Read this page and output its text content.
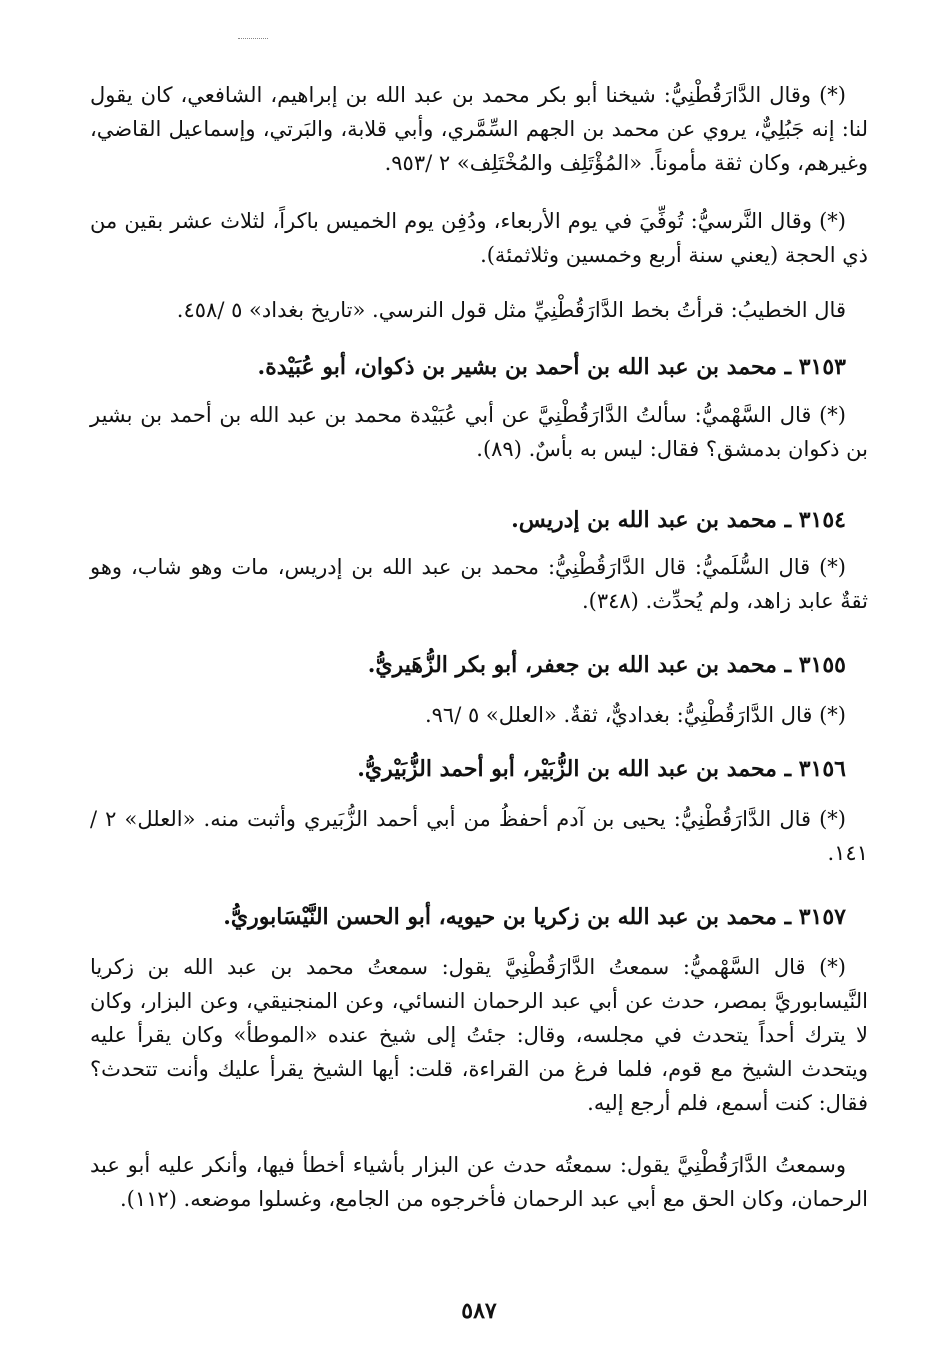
(*) وقال الدَّارَقُطْنِيُّ: شيخنا أبو بكر محمد بن عبد الله بن إبراهيم، الشافعي، كان يقول لنا: إنه جَبُلِيٌّ، يروي عن محمد بن الجهم السِّمَّري، وأبي قلابة، والبَرتي، وإسماعيل القاضي، وغيرهم، وكان ثقة مأموناً. «المُؤْتَلِف والمُخْتَلِف» ٢ /٩٥٣.

(*) وقال النَّرسيُّ: تُوفِّيَ في يوم الأربعاء، ودُفِن يوم الخميس باكراً، لثلاث عشر بقين من ذي الحجة (يعني سنة أربع وخمسين وثلاثمئة).

قال الخطيبُ: قرأتُ بخط الدَّارَقُطْنِيِّ مثل قول النرسي. «تاريخ بغداد» ٥ /٤٥٨.

٣١٥٣ ـ محمد بن عبد الله بن أحمد بن بشير بن ذكوان، أبو عُبَيْدة.

(*) قال السَّهْميُّ: سألتُ الدَّارَقُطْنِيَّ عن أبي عُبَيْدة محمد بن عبد الله بن أحمد بن بشير بن ذكوان بدمشق؟ فقال: ليس به بأسٌ. (٨٩).

٣١٥٤ ـ محمد بن عبد الله بن إدريس.

(*) قال السُّلَميُّ: قال الدَّارَقُطْنِيُّ: محمد بن عبد الله بن إدريس، مات وهو شاب، وهو ثقةٌ عابد زاهد، ولم يُحدِّث. (٣٤٨).

٣١٥٥ ـ محمد بن عبد الله بن جعفر، أبو بكر الزُّهَيريُّ.

(*) قال الدَّارَقُطْنِيُّ: بغداديٌّ، ثقةٌ. «العلل» ٥ /٩٦.

٣١٥٦ ـ محمد بن عبد الله بن الزُّبَيْر، أبو أحمد الزُّبَيْريُّ.

(*) قال الدَّارَقُطْنِيُّ: يحيى بن آدم أحفظُ من أبي أحمد الزُّبَيري وأثبت منه. «العلل» ٢ /١٤١.

٣١٥٧ ـ محمد بن عبد الله بن زكريا بن حيويه، أبو الحسن النَّيْسَابوريُّ.

(*) قال السَّهْميُّ: سمعتُ الدَّارَقُطْنِيَّ يقول: سمعتُ محمد بن عبد الله بن زكريا النَّيسابوريَّ بمصر، حدث عن أبي عبد الرحمان النسائي، وعن المنجنيقي، وعن البزار، وكان لا يترك أحداً يتحدث في مجلسه، وقال: جئتُ إلى شيخ عنده «الموطأ» وكان يقرأ عليه ويتحدث الشيخ مع قوم، فلما فرغ من القراءة، قلت: أيها الشيخ يقرأ عليك وأنت تتحدث؟ فقال: كنت أسمع، فلم أرجع إليه.

وسمعتُ الدَّارَقُطْنِيَّ يقول: سمعتُه حدث عن البزار بأشياء أخطأ فيها، وأنكر عليه أبو عبد الرحمان، وكان الحق مع أبي عبد الرحمان فأخرجوه من الجامع، وغسلوا موضعه. (١١٢).

٥٨٧
